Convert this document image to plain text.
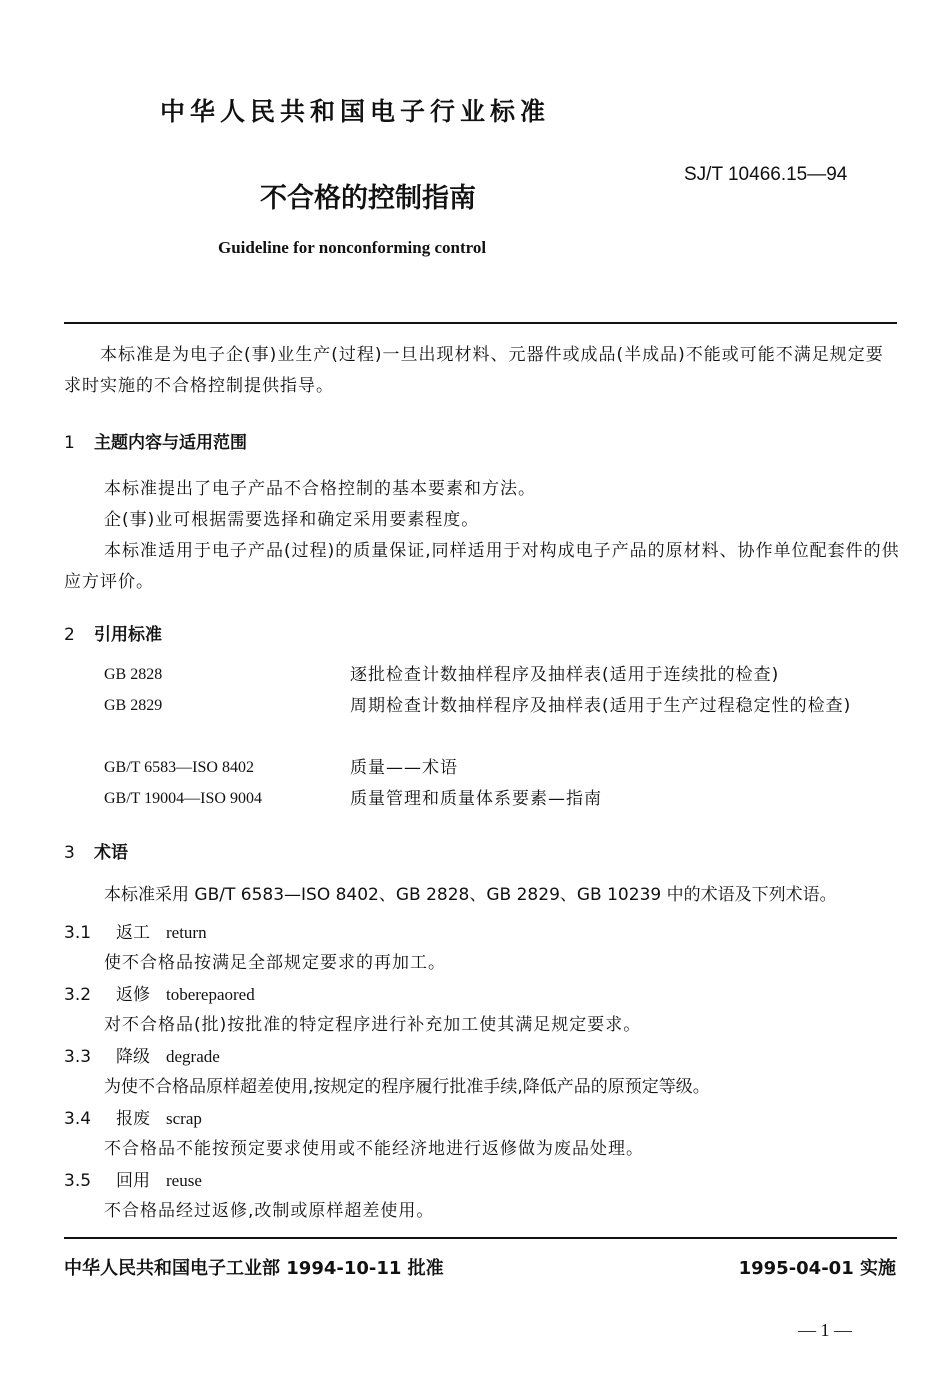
中华人民共和国电子行业标准
SJ/T 10466.15—94
不合格的控制指南
Guideline for nonconforming control
本标准是为电子企(事)业生产(过程)一旦出现材料、元器件或成品(半成品)不能或可能不满足规定要求时实施的不合格控制提供指导。
1 主题内容与适用范围
本标准提出了电子产品不合格控制的基本要素和方法。
企(事)业可根据需要选择和确定采用要素程度。
本标准适用于电子产品(过程)的质量保证,同样适用于对构成电子产品的原材料、协作单位配套件的供应方评价。
2 引用标准
GB 2828	逐批检查计数抽样程序及抽样表(适用于连续批的检查)
GB 2829	周期检查计数抽样程序及抽样表(适用于生产过程稳定性的检查)
GB/T 6583—ISO 8402	质量——术语
GB/T 19004—ISO 9004	质量管理和质量体系要素—指南
3 术语
本标准采用 GB/T 6583—ISO 8402、GB 2828、GB 2829、GB 10239 中的术语及下列术语。
3.1 返工 return
使不合格品按满足全部规定要求的再加工。
3.2 返修 toberepaored
对不合格品(批)按批准的特定程序进行补充加工使其满足规定要求。
3.3 降级 degrade
为使不合格品原样超差使用,按规定的程序履行批准手续,降低产品的原预定等级。
3.4 报废 scrap
不合格品不能按预定要求使用或不能经济地进行返修做为废品处理。
3.5 回用 reuse
不合格品经过返修,改制或原样超差使用。
中华人民共和国电子工业部 1994-10-11 批准	1995-04-01 实施
— 1 —
